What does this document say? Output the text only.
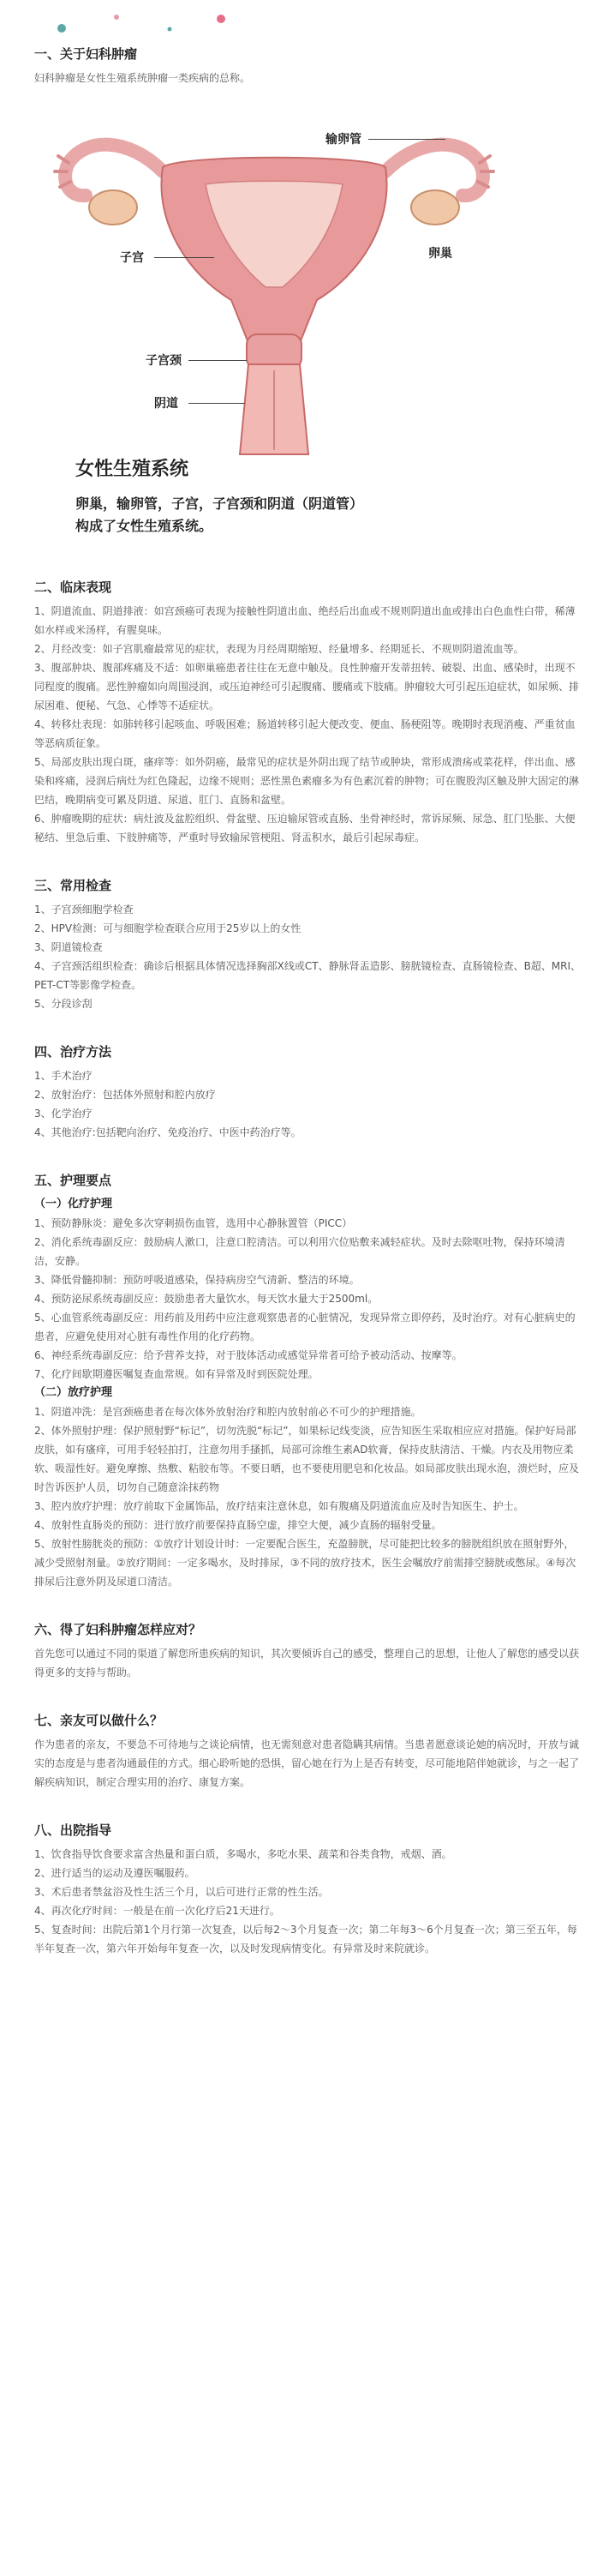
一、关于妇科肿瘤

妇科肿瘤是女性生殖系统肿瘤一类疾病的总称。

输卵管
子宫	卵巢
子宫颈
阴道
女性生殖系统
卵巢，输卵管，子宫，子宫颈和阴道（阴道管）
构成了女性生殖系统。
二、临床表现

1、阴道流血、阴道排液：如宫颈癌可表现为接触性阴道出血、绝经后出血或不规则阴道出血或排出白色血性白带，稀薄如水样或米汤样，有腥臭味。

2、月经改变：如子宫肌瘤最常见的症状，表现为月经周期缩短、经量增多、经期延长、不规则阴道流血等。

3、腹部肿块、腹部疼痛及不适：如卵巢癌患者往往在无意中触及。良性肿瘤开发蒂扭转、破裂、出血、感染时，出现不同程度的腹痛。恶性肿瘤如向周围浸润，或压迫神经可引起腹痛、腰痛或下肢痛。肿瘤较大可引起压迫症状，如尿频、排尿困难、便秘、气急、心悸等不适症状。

4、转移灶表现：如肺转移引起咳血、呼吸困难；肠道转移引起大便改变、便血、肠梗阻等。晚期时表现消瘦、严重贫血等恶病质征象。

5、局部皮肤出现白斑，瘙痒等：如外阴癌，最常见的症状是外阴出现了结节或肿块，常形成溃疡或菜花样，伴出血、感染和疼痛，浸润后病灶为红色隆起，边缘不规则；恶性黑色素瘤多为有色素沉着的肿物；可在腹股沟区触及肿大固定的淋巴结，晚期病变可累及阴道、尿道、肛门、直肠和盆壁。

6、肿瘤晚期的症状：病灶波及盆腔组织、骨盆壁、压迫输尿管或直肠、坐骨神经时，常诉尿频、尿急、肛门坠胀、大便秘结、里急后重、下肢肿痛等，严重时导致输尿管梗阻、肾盂积水，最后引起尿毒症。

三、常用检查

1、子宫颈细胞学检查

2、HPV检测：可与细胞学检查联合应用于25岁以上的女性

3、阴道镜检查

4、子宫颈活组织检查：确诊后根据具体情况选择胸部X线或CT、静脉肾盂造影、膀胱镜检查、直肠镜检查、B超、MRI、PET-CT等影像学检查。

5、分段诊刮

四、治疗方法

1、手术治疗

2、放射治疗：包括体外照射和腔内放疗

3、化学治疗

4、其他治疗:包括靶向治疗、免疫治疗、中医中药治疗等。

五、护理要点

（一）化疗护理

1、预防静脉炎：避免多次穿刺损伤血管，选用中心静脉置管（PICC）

2、消化系统毒副反应：鼓励病人漱口，注意口腔清洁。可以利用穴位贴敷来减轻症状。及时去除呕吐物，保持环境清洁，安静。

3、降低骨髓抑制：预防呼吸道感染，保持病房空气清新、整洁的环境。

4、预防泌尿系统毒副反应：鼓励患者大量饮水，每天饮水量大于2500ml。

5、心血管系统毒副反应：用药前及用药中应注意观察患者的心脏情况，发现异常立即停药，及时治疗。对有心脏病史的患者，应避免使用对心脏有毒性作用的化疗药物。

6、神经系统毒副反应：给予营养支持，对于肢体活动或感觉异常者可给予被动活动、按摩等。

7、化疗间歇期遵医嘱复查血常规。如有异常及时到医院处理。

（二）放疗护理

1、阴道冲洗：是宫颈癌患者在每次体外放射治疗和腔内放射前必不可少的护理措施。

2、体外照射护理：保护照射野“标记”，切勿洗脱“标记”，如果标记线变淡，应告知医生采取相应应对措施。保护好局部皮肤，如有瘙痒，可用手轻轻拍打，注意勿用手搔抓，局部可涂维生素AD软膏，保持皮肤清洁、干燥。内衣及用物应柔软、吸湿性好。避免摩擦、热敷、粘胶布等。不要日晒，也不要使用肥皂和化妆品。如局部皮肤出现水泡，溃烂时，应及时告诉医护人员，切勿自己随意涂抹药物

3、腔内放疗护理：放疗前取下金属饰品，放疗结束注意休息，如有腹痛及阴道流血应及时告知医生、护士。

4、放射性直肠炎的预防：进行放疗前要保持直肠空虚，排空大便，减少直肠的辐射受量。

5、放射性膀胱炎的预防：①放疗计划设计时：一定要配合医生，充盈膀胱，尽可能把比较多的膀胱组织放在照射野外，减少受照射剂量。②放疗期间：一定多喝水，及时排尿，③不同的放疗技术，医生会嘱放疗前需排空膀胱或憋尿。④每次排尿后注意外阴及尿道口清洁。

六、得了妇科肿瘤怎样应对？

首先您可以通过不同的渠道了解您所患疾病的知识，其次要倾诉自己的感受，整理自己的思想，让他人了解您的感受以获得更多的支持与帮助。

七、亲友可以做什么？

作为患者的亲友，不要急不可待地与之谈论病情，也无需刻意对患者隐瞒其病情。当患者愿意谈论她的病况时，开放与诚实的态度是与患者沟通最佳的方式。细心聆听她的恐惧，留心她在行为上是否有转变，尽可能地陪伴她就诊，与之一起了解疾病知识，制定合理实用的治疗、康复方案。

八、出院指导

1、饮食指导饮食要求富含热量和蛋白质，多喝水，多吃水果、蔬菜和谷类食物，戒烟、酒。

2、进行适当的运动及遵医嘱服药。

3、术后患者禁盆浴及性生活三个月，以后可进行正常的性生活。

4、再次化疗时间：一般是在前一次化疗后21天进行。

5、复查时间：出院后第1个月行第一次复查，以后每2～3个月复查一次；第二年每3～6个月复查一次；第三至五年，每半年复查一次，第六年开始每年复查一次，以及时发现病情变化。有异常及时来院就诊。
